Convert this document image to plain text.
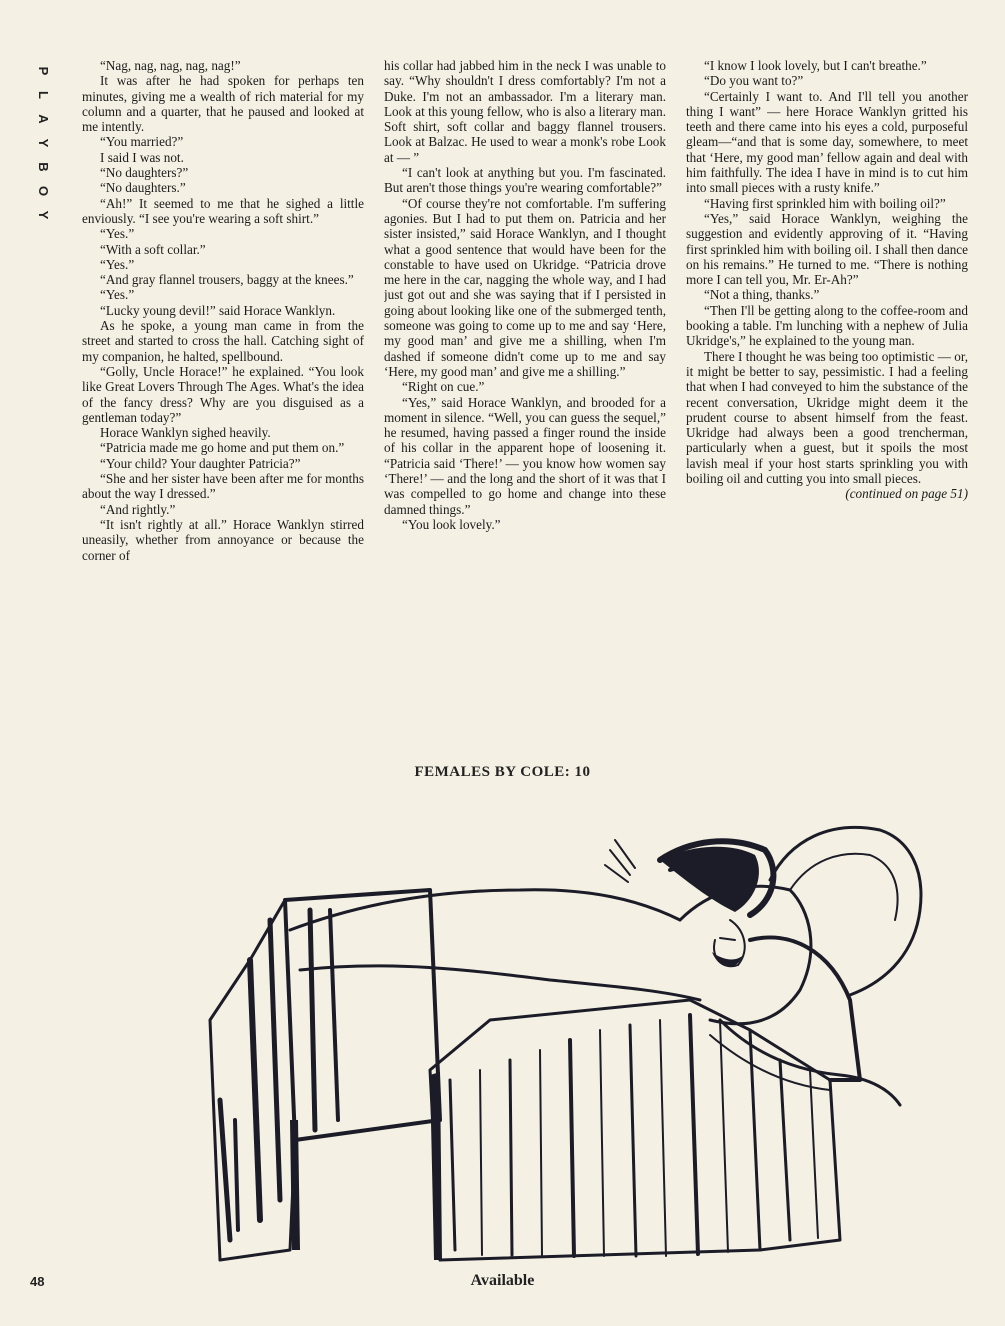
P
L
A
Y
B
O
Y

“Nag, nag, nag, nag, nag!”

It was after he had spoken for perhaps ten minutes, giving me a wealth of rich material for my column and a quarter, that he paused and looked at me intently.

“You married?”

I said I was not.

“No daughters?”

“No daughters.”

“Ah!” It seemed to me that he sighed a little enviously. “I see you're wearing a soft shirt.”

“Yes.”

“With a soft collar.”

“Yes.”

“And gray flannel trousers, baggy at the knees.”

“Yes.”

“Lucky young devil!” said Horace Wanklyn.

As he spoke, a young man came in from the street and started to cross the hall. Catching sight of my companion, he halted, spellbound.

“Golly, Uncle Horace!” he explained. “You look like Great Lovers Through The Ages. What's the idea of the fancy dress? Why are you disguised as a gentleman today?”

Horace Wanklyn sighed heavily.

“Patricia made me go home and put them on.”

“Your child? Your daughter Patricia?”

“She and her sister have been after me for months about the way I dressed.”

“And rightly.”

“It isn't rightly at all.” Horace Wanklyn stirred uneasily, whether from annoyance or because the corner of

his collar had jabbed him in the neck I was unable to say. “Why shouldn't I dress comfortably? I'm not a Duke. I'm not an ambassador. I'm a literary man. Look at this young fellow, who is also a literary man. Soft shirt, soft collar and baggy flannel trousers. Look at Balzac. He used to wear a monk's robe Look at — ”

“I can't look at anything but you. I'm fascinated. But aren't those things you're wearing comfortable?”

“Of course they're not comfortable. I'm suffering agonies. But I had to put them on. Patricia and her sister insisted,” said Horace Wanklyn, and I thought what a good sentence that would have been for the constable to have used on Ukridge. “Patricia drove me here in the car, nagging the whole way, and I had just got out and she was saying that if I persisted in going about looking like one of the submerged tenth, someone was going to come up to me and say ‘Here, my good man’ and give me a shilling, when I'm dashed if someone didn't come up to me and say ‘Here, my good man’ and give me a shilling.”

“Right on cue.”

“Yes,” said Horace Wanklyn, and brooded for a moment in silence. “Well, you can guess the sequel,” he resumed, having passed a finger round the inside of his collar in the apparent hope of loosening it. “Patricia said ‘There!’ — you know how women say ‘There!’ — and the long and the short of it was that I was compelled to go home and change into these damned things.”

“You look lovely.”

“I know I look lovely, but I can't breathe.”

“Do you want to?”

“Certainly I want to. And I'll tell you another thing I want” — here Horace Wanklyn gritted his teeth and there came into his eyes a cold, purposeful gleam—“and that is some day, somewhere, to meet that ‘Here, my good man’ fellow again and deal with him faithfully. The idea I have in mind is to cut him into small pieces with a rusty knife.”

“Having first sprinkled him with boiling oil?”

“Yes,” said Horace Wanklyn, weighing the suggestion and evidently approving of it. “Having first sprinkled him with boiling oil. I shall then dance on his remains.” He turned to me. “There is nothing more I can tell you, Mr. Er-Ah?”

“Not a thing, thanks.”

“Then I'll be getting along to the coffee-room and booking a table. I'm lunching with a nephew of Julia Ukridge's,” he explained to the young man.

There I thought he was being too optimistic — or, it might be better to say, pessimistic. I had a feeling that when I had conveyed to him the substance of the recent conversation, Ukridge might deem it the prudent course to absent himself from the feast. Ukridge had always been a good trencherman, particularly when a guest, but it spoils the most lavish meal if your host starts sprinkling you with boiling oil and cutting you into small pieces.

(continued on page 51)

FEMALES BY COLE: 10
48	Available
